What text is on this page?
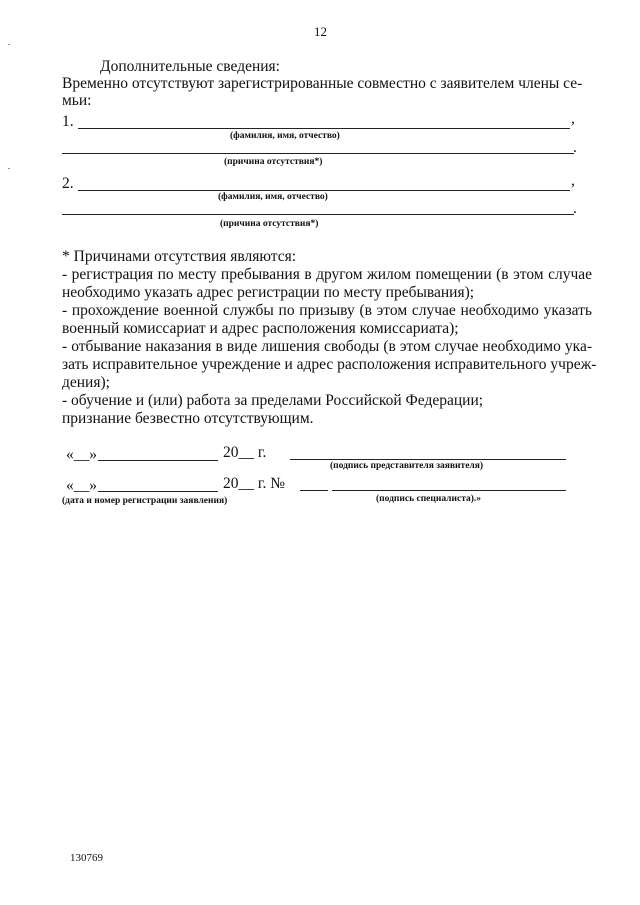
12
Дополнительные сведения:
Временно отсутствуют зарегистрированные совместно с заявителем члены се-
мьи:
1.	,
(фамилия, имя, отчество)
.
(причина отсутствия*)
2.	,
(фамилия, имя, отчество)
.
(причина отсутствия*)
* Причинами отсутствия являются:
- регистрация по месту пребывания в другом жилом помещении (в этом случае
необходимо указать адрес регистрации по месту пребывания);
- прохождение военной службы по призыву (в этом случае необходимо указать
военный комиссариат и адрес расположения комиссариата);
- отбывание наказания в виде лишения свободы (в этом случае необходимо ука-
зать исправительное учреждение и адрес расположения исправительного учреж-
дения);
- обучение и (или) работа за пределами Российской Федерации;
признание безвестно отсутствующим.
«__»	20__ г.
(подпись представителя заявителя)
«__»	20__ г. №
(дата и номер регистрации заявления)	(подпись специалиста).»
130769
